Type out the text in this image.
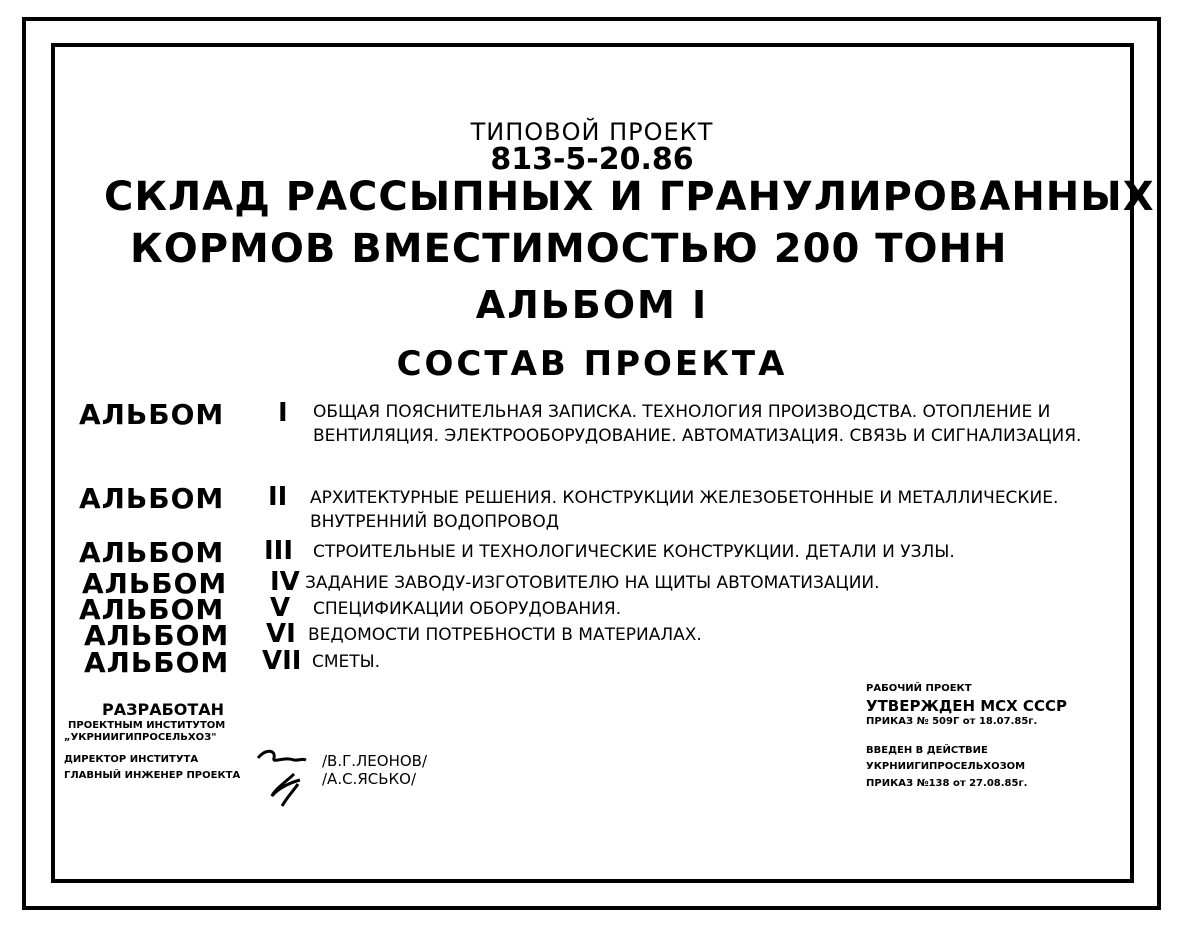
ТИПОВОЙ ПРОЕКТ
813-5-20.86
СКЛАД РАССЫПНЫХ И ГРАНУЛИРОВАННЫХ
КОРМОВ ВМЕСТИМОСТЬЮ 200 ТОНН
АЛЬБОМ I
СОСТАВ ПРОЕКТА
АЛЬБОМ I ОБЩАЯ ПОЯСНИТЕЛЬНАЯ ЗАПИСКА. ТЕХНОЛОГИЯ ПРОИЗВОДСТВА. ОТОПЛЕНИЕ И ВЕНТИЛЯЦИЯ. ЭЛЕКТРООБОРУДОВАНИЕ. АВТОМАТИЗАЦИЯ. СВЯЗЬ И СИГНАЛИЗАЦИЯ.
АЛЬБОМ II АРХИТЕКТУРНЫЕ РЕШЕНИЯ. КОНСТРУКЦИИ ЖЕЛЕЗОБЕТОННЫЕ И МЕТАЛЛИЧЕСКИЕ. ВНУТРЕННИЙ ВОДОПРОВОД
АЛЬБОМ III СТРОИТЕЛЬНЫЕ И ТЕХНОЛОГИЧЕСКИЕ КОНСТРУКЦИИ. ДЕТАЛИ И УЗЛЫ.
АЛЬБОМ IV ЗАДАНИЕ ЗАВОДУ-ИЗГОТОВИТЕЛЮ НА ЩИТЫ АВТОМАТИЗАЦИИ.
АЛЬБОМ V СПЕЦИФИКАЦИИ ОБОРУДОВАНИЯ.
АЛЬБОМ VI ВЕДОМОСТИ ПОТРЕБНОСТИ В МАТЕРИАЛАХ.
АЛЬБОМ VII СМЕТЫ.
РАЗРАБОТАН
ПРОЕКТНЫМ ИНСТИТУТОМ
„УКРНИИГИПРОСЕЛЬХОЗ"
ДИРЕКТОР ИНСТИТУТА
ГЛАВНЫЙ ИНЖЕНЕР ПРОЕКТА
/В.Г.ЛЕОНОВ/
/А.С.ЯСЬКО/
РАБОЧИЙ ПРОЕКТ
УТВЕРЖДЕН МСХ СССР
ПРИКАЗ № 509Г от 18.07.85г.
ВВЕДЕН В ДЕЙСТВИЕ
УКРНИИГИПРОСЕЛЬХОЗОМ
ПРИКАЗ №138 от 27.08.85г.
